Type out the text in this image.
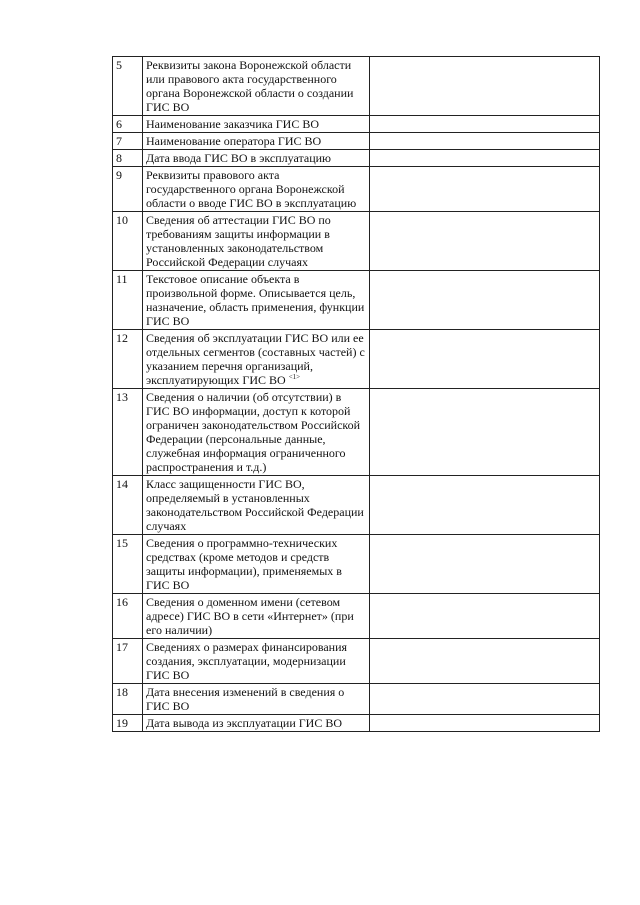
5	Реквизиты закона Воронежской области или правового акта государственного органа Воронежской области о создании ГИС ВО	
6	Наименование заказчика ГИС ВО	
7	Наименование оператора ГИС ВО	
8	Дата ввода ГИС ВО в эксплуатацию	
9	Реквизиты правового акта государственного органа Воронежской области о вводе ГИС ВО в эксплуатацию	
10	Сведения об аттестации ГИС ВО по требованиям защиты информации в установленных законодательством Российской Федерации случаях	
11	Текстовое описание объекта в произвольной форме. Описывается цель, назначение, область применения, функции ГИС ВО	
12	Сведения об эксплуатации ГИС ВО или ее отдельных сегментов (составных частей) с указанием перечня организаций, эксплуатирующих ГИС ВО $^{<1>}$	
13	Сведения о наличии (об отсутствии) в ГИС ВО информации, доступ к которой ограничен законодательством Российской Федерации (персональные данные, служебная информация ограниченного распространения и т.д.)	
14	Класс защищенности ГИС ВО, определяемый в установленных законодательством Российской Федерации случаях	
15	Сведения о программно-технических средствах (кроме методов и средств защиты информации), применяемых в ГИС ВО	
16	Сведения о доменном имени (сетевом адресе) ГИС ВО в сети «Интернет» (при его наличии)	
17	Сведениях о размерах финансирования создания, эксплуатации, модернизации ГИС ВО	
18	Дата внесения изменений в сведения о ГИС ВО	
19	Дата вывода из эксплуатации ГИС ВО	
